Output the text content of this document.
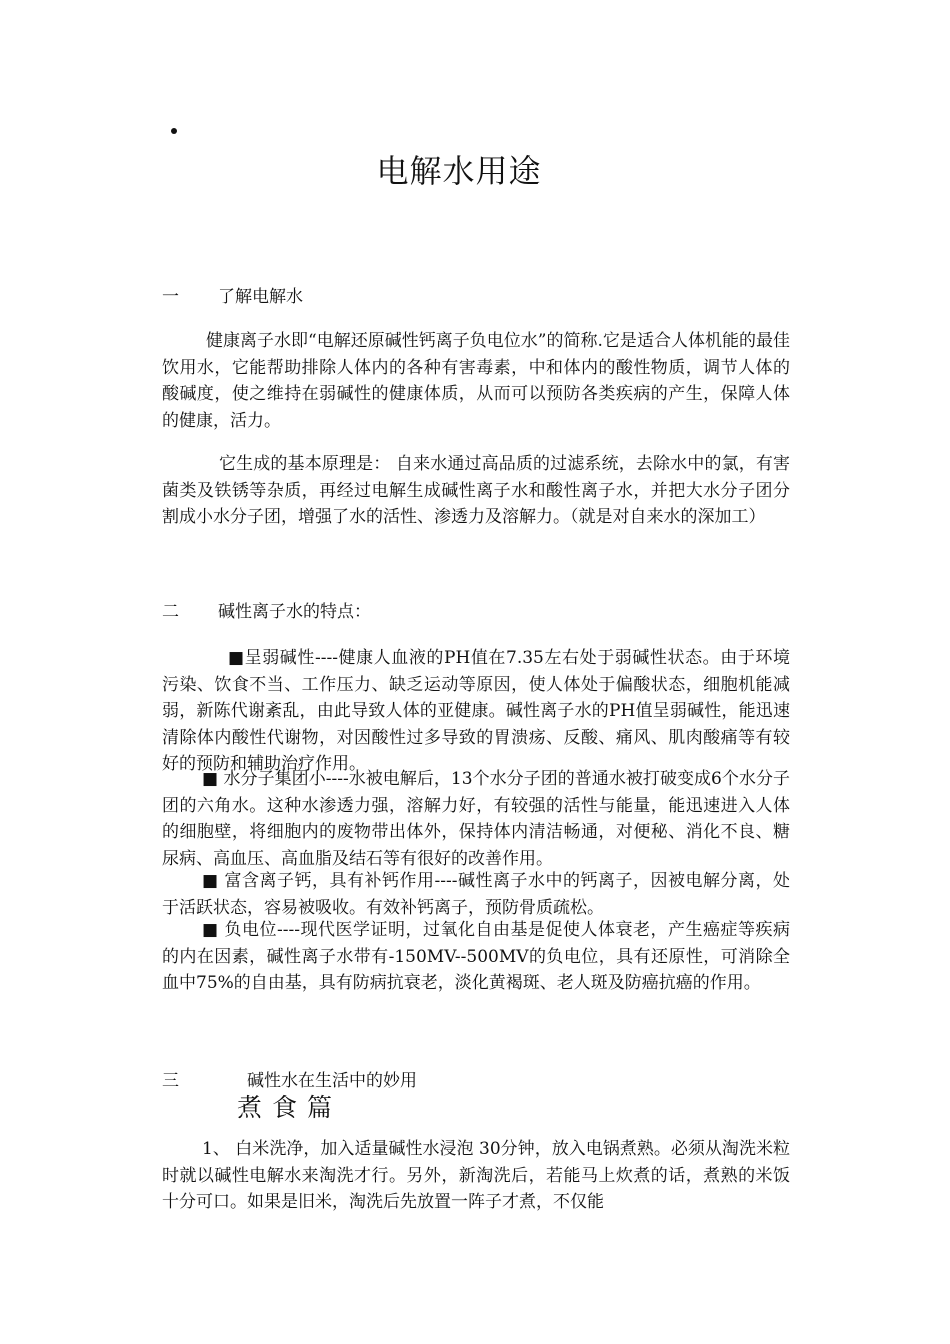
电解水用途
一 了解电解水

健康离子水即“电解还原碱性钙离子负电位水”的简称.它是适合人体机能的最佳饮用水，它能帮助排除人体内的各种有害毒素，中和体内的酸性物质，调节人体的酸碱度，使之维持在弱碱性的健康体质，从而可以预防各类疾病的产生，保障人体的健康，活力。

它生成的基本原理是： 自来水通过高品质的过滤系统，去除水中的氯，有害菌类及铁锈等杂质，再经过电解生成碱性离子水和酸性离子水，并把大水分子团分割成小水分子团，增强了水的活性、渗透力及溶解力。（就是对自来水的深加工）

二 碱性离子水的特点：

■呈弱碱性----健康人血液的PH值在7.35左右处于弱碱性状态。由于环境污染、饮食不当、工作压力、缺乏运动等原因，使人体处于偏酸状态，细胞机能减弱，新陈代谢紊乱，由此导致人体的亚健康。碱性离子水的PH值呈弱碱性，能迅速清除体内酸性代谢物，对因酸性过多导致的胃溃疡、反酸、痛风、肌肉酸痛等有较好的预防和辅助治疗作用。

■ 水分子集团小----水被电解后，13个水分子团的普通水被打破变成6个水分子团的六角水。这种水渗透力强，溶解力好，有较强的活性与能量，能迅速进入人体的细胞壁，将细胞内的废物带出体外，保持体内清洁畅通，对便秘、消化不良、糖尿病、高血压、高血脂及结石等有很好的改善作用。

■ 富含离子钙，具有补钙作用----碱性离子水中的钙离子，因被电解分离，处于活跃状态，容易被吸收。有效补钙离子，预防骨质疏松。

■ 负电位----现代医学证明，过氧化自由基是促使人体衰老，产生癌症等疾病的内在因素，碱性离子水带有-150MV--500MV的负电位，具有还原性，可消除全血中75%的自由基，具有防病抗衰老，淡化黄褐斑、老人斑及防癌抗癌的作用。

三	碱性水在生活中的妙用
煮食篇

1、 白米洗净，加入适量碱性水浸泡 30分钟，放入电锅煮熟。必须从淘洗米粒时就以碱性电解水来淘洗才行。另外，新淘洗后，若能马上炊煮的话，煮熟的米饭十分可口。如果是旧米，淘洗后先放置一阵子才煮，不仅能
